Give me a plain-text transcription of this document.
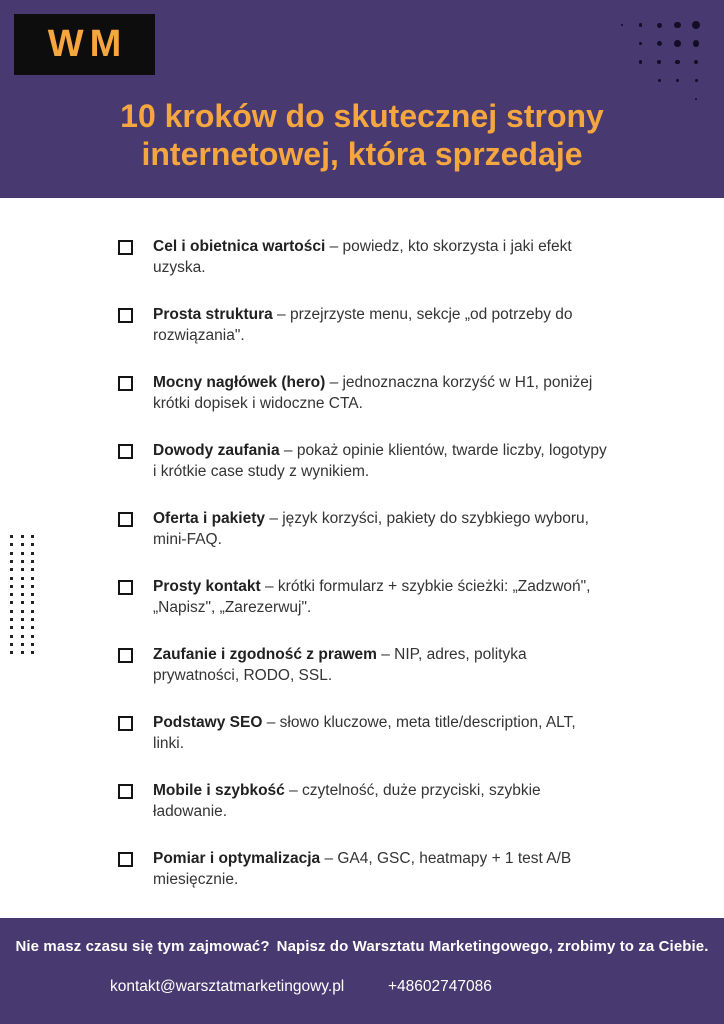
WM
10 kroków do skutecznej strony
internetowej, która sprzedaje

Cel i obietnica wartości – powiedz, kto skorzysta i jaki efekt uzyska.

Prosta struktura – przejrzyste menu, sekcje „od potrzeby do rozwiązania".

Mocny nagłówek (hero) – jednoznaczna korzyść w H1, poniżej krótki dopisek i widoczne CTA.

Dowody zaufania – pokaż opinie klientów, twarde liczby, logotypy i krótkie case study z wynikiem.

Oferta i pakiety – język korzyści, pakiety do szybkiego wyboru, mini-FAQ.

Prosty kontakt – krótki formularz + szybkie ścieżki: „Zadzwoń", „Napisz", „Zarezerwuj".

Zaufanie i zgodność z prawem – NIP, adres, polityka prywatności, RODO, SSL.

Podstawy SEO – słowo kluczowe, meta title/description, ALT, linki.

Mobile i szybkość – czytelność, duże przyciski, szybkie ładowanie.

Pomiar i optymalizacja – GA4, GSC, heatmapy + 1 test A/B miesięcznie.

Nie masz czasu się tym zajmować? Napisz do Warsztatu Marketingowego, zrobimy to za Ciebie.

kontakt@warsztatmarketingowy.pl	+48602747086
